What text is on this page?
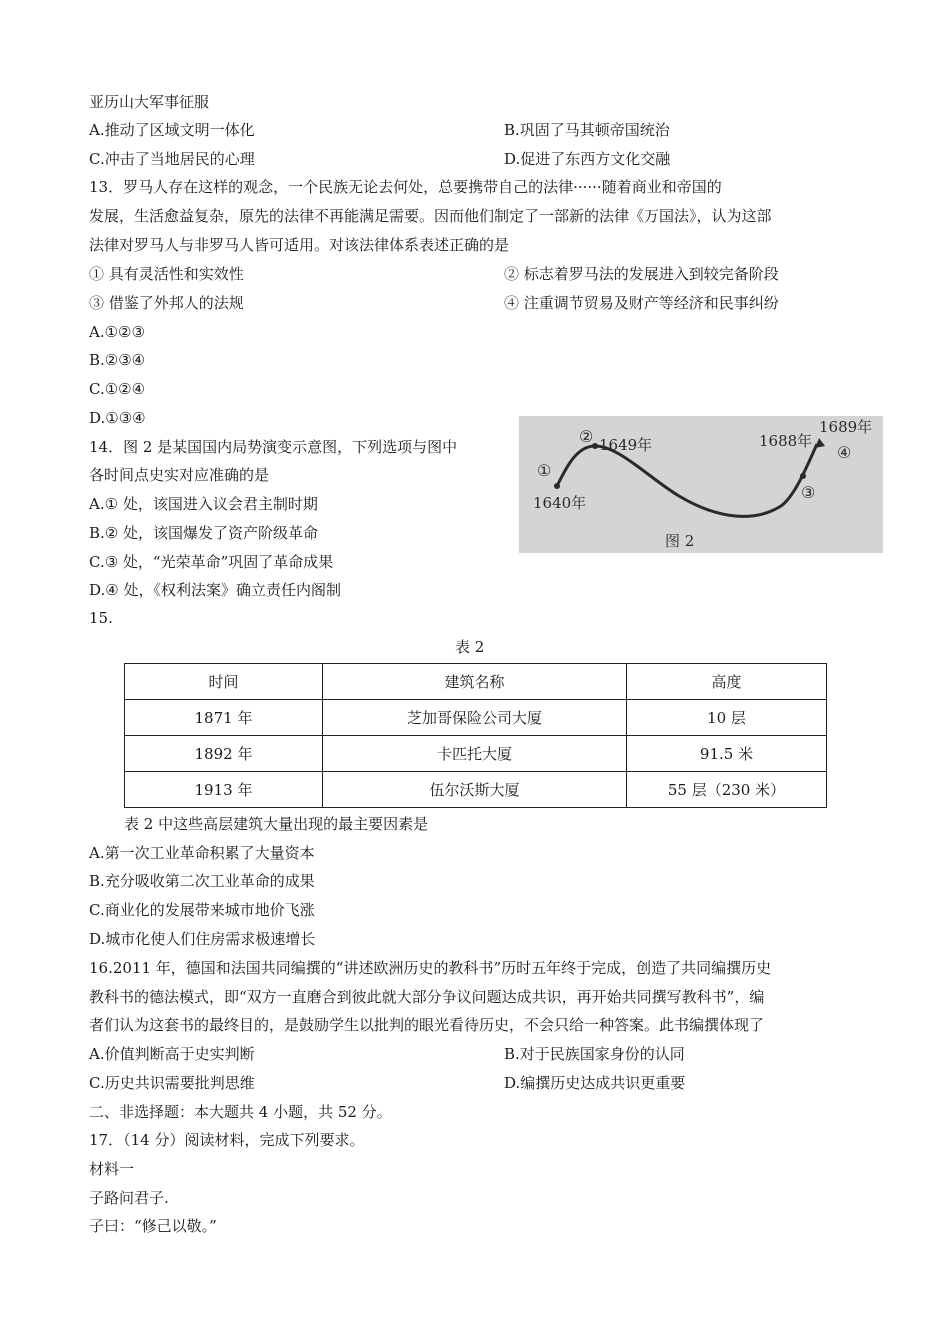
亚历山大军事征服
A.推动了区域文明一体化	B.巩固了马其顿帝国统治
C.冲击了当地居民的心理	D.促进了东西方文化交融
13．罗马人存在这样的观念，一个民族无论去何处，总要携带自己的法律······随着商业和帝国的
发展，生活愈益复杂，原先的法律不再能满足需要。因而他们制定了一部新的法律《万国法》，认为这部
法律对罗马人与非罗马人皆可适用。对该法律体系表述正确的是
① 具有灵活性和实效性	② 标志着罗马法的发展进入到较完备阶段
③ 借鉴了外邦人的法规	④ 注重调节贸易及财产等经济和民事纠纷
A.①②③
B.②③④
C.①②④
D.①③④
14．图 2 是某国国内局势演变示意图，下列选项与图中
各时间点史实对应准确的是
A.① 处，该国进入议会君主制时期
B.② 处，该国爆发了资产阶级革命
C.③ 处，“光荣革命”巩固了革命成果
D.④ 处，《权利法案》确立责任内阁制
①
②
③
④
1640年
1649年	1688年
1689年
图 2
15.
表 2
时间	建筑名称	高度
1871 年	芝加哥保险公司大厦	10 层
1892 年	卡匹托大厦	91.5 米
1913 年	伍尔沃斯大厦	55 层（230 米）
表 2 中这些高层建筑大量出现的最主要因素是
A.第一次工业革命积累了大量资本
B.充分吸收第二次工业革命的成果
C.商业化的发展带来城市地价飞涨
D.城市化使人们住房需求极速增长
16.2011 年，德国和法国共同编撰的“讲述欧洲历史的教科书”历时五年终于完成，创造了共同编撰历史
教科书的德法模式，即“双方一直磨合到彼此就大部分争议问题达成共识，再开始共同撰写教科书”，编
者们认为这套书的最终目的，是鼓励学生以批判的眼光看待历史，不会只给一种答案。此书编撰体现了
A.价值判断高于史实判断	B.对于民族国家身份的认同
C.历史共识需要批判思维	D.编撰历史达成共识更重要
二、非选择题：本大题共 4 小题，共 52 分。
17．（14 分）阅读材料，完成下列要求。
材料一
子路问君子.
子曰：“修己以敬。”
